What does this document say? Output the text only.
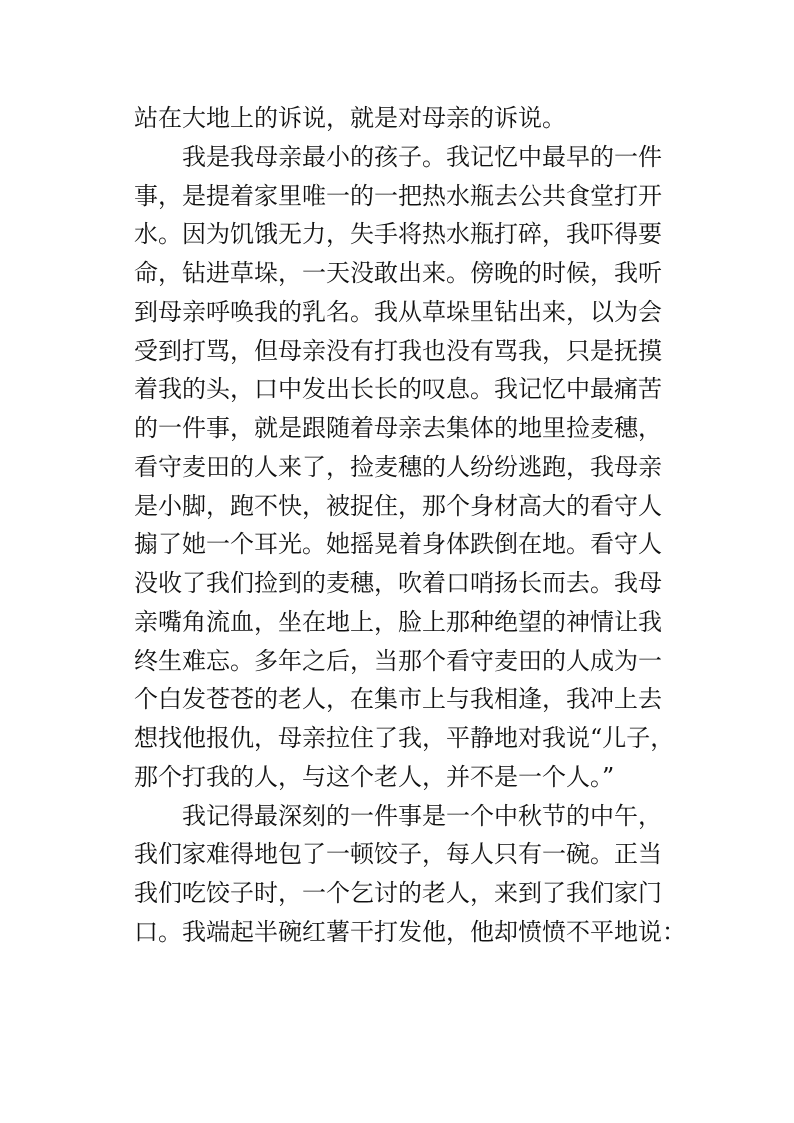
站在大地上的诉说，就是对母亲的诉说。
我是我母亲最小的孩子。我记忆中最早的一件
事，是提着家里唯一的一把热水瓶去公共食堂打开
水。因为饥饿无力，失手将热水瓶打碎，我吓得要
命，钻进草垛，一天没敢出来。傍晚的时候，我听
到母亲呼唤我的乳名。我从草垛里钻出来，以为会
受到打骂，但母亲没有打我也没有骂我，只是抚摸
着我的头，口中发出长长的叹息。我记忆中最痛苦
的一件事，就是跟随着母亲去集体的地里捡麦穗，
看守麦田的人来了，捡麦穗的人纷纷逃跑，我母亲
是小脚，跑不快，被捉住，那个身材高大的看守人
搧了她一个耳光。她摇晃着身体跌倒在地。看守人
没收了我们捡到的麦穗，吹着口哨扬长而去。我母
亲嘴角流血，坐在地上，脸上那种绝望的神情让我
终生难忘。多年之后，当那个看守麦田的人成为一
个白发苍苍的老人，在集市上与我相逢，我冲上去
想找他报仇，母亲拉住了我，平静地对我说“儿子，
那个打我的人，与这个老人，并不是一个人。”
我记得最深刻的一件事是一个中秋节的中午，
我们家难得地包了一顿饺子，每人只有一碗。正当
我们吃饺子时，一个乞讨的老人，来到了我们家门
口。我端起半碗红薯干打发他，他却愤愤不平地说：
